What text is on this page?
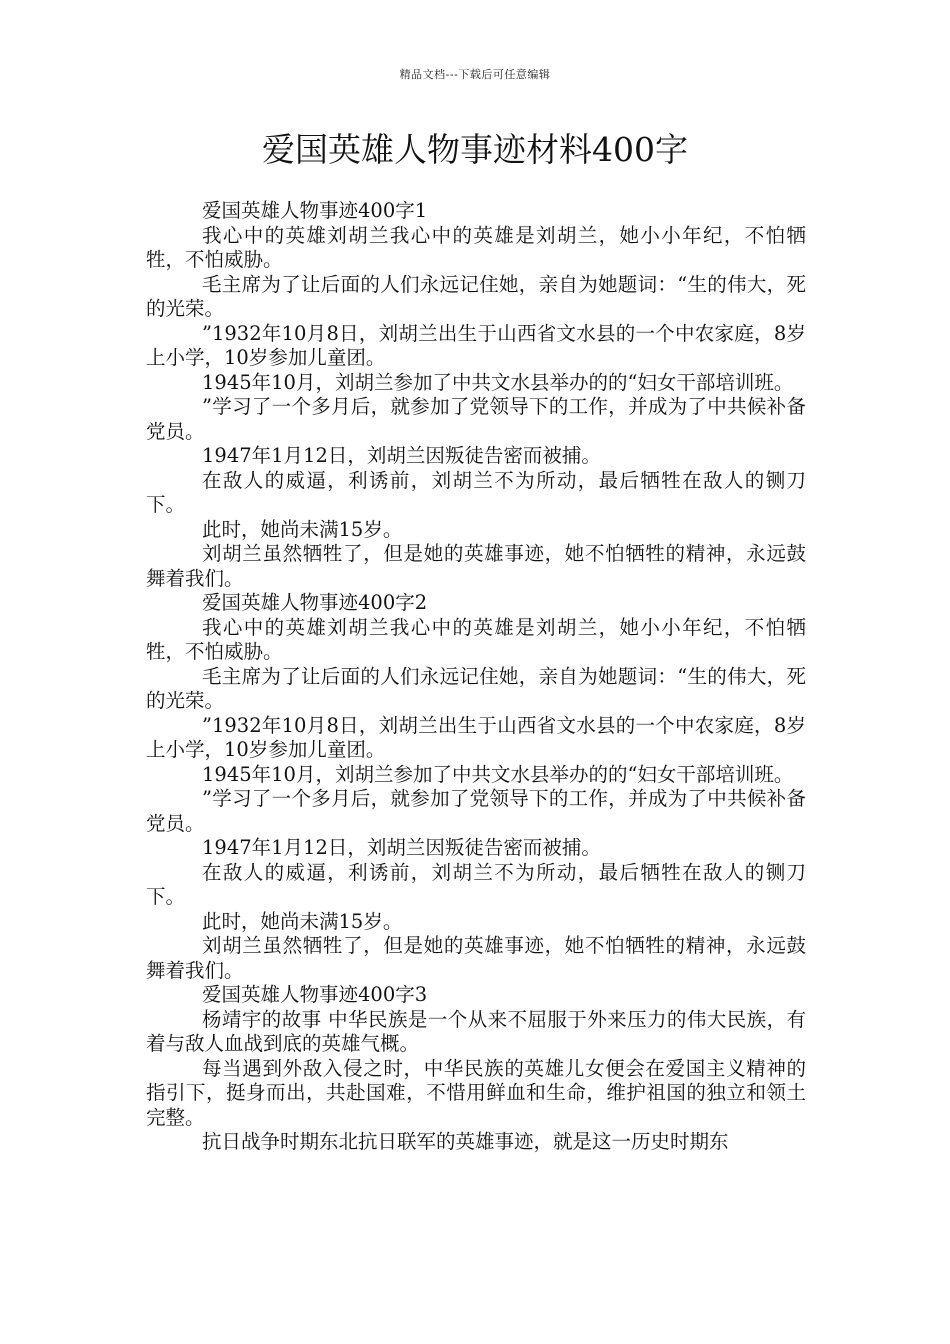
精品文档---下载后可任意编辑
爱国英雄人物事迹材料400字

爱国英雄人物事迹400字1

我心中的英雄刘胡兰我心中的英雄是刘胡兰，她小小年纪，不怕牺牲，不怕威胁。

毛主席为了让后面的人们永远记住她，亲自为她题词：“生的伟大，死的光荣。

”1932年10月8日，刘胡兰出生于山西省文水县的一个中农家庭，8岁上小学，10岁参加儿童团。

1945年10月，刘胡兰参加了中共文水县举办的的“妇女干部培训班。

”学习了一个多月后，就参加了党领导下的工作，并成为了中共候补备党员。

1947年1月12日，刘胡兰因叛徒告密而被捕。

在敌人的威逼，利诱前，刘胡兰不为所动，最后牺牲在敌人的铡刀下。

此时，她尚未满15岁。

刘胡兰虽然牺牲了，但是她的英雄事迹，她不怕牺牲的精神，永远鼓舞着我们。

爱国英雄人物事迹400字2

我心中的英雄刘胡兰我心中的英雄是刘胡兰，她小小年纪，不怕牺牲，不怕威胁。

毛主席为了让后面的人们永远记住她，亲自为她题词：“生的伟大，死的光荣。

”1932年10月8日，刘胡兰出生于山西省文水县的一个中农家庭，8岁上小学，10岁参加儿童团。

1945年10月，刘胡兰参加了中共文水县举办的的“妇女干部培训班。

”学习了一个多月后，就参加了党领导下的工作，并成为了中共候补备党员。

1947年1月12日，刘胡兰因叛徒告密而被捕。

在敌人的威逼，利诱前，刘胡兰不为所动，最后牺牲在敌人的铡刀下。

此时，她尚未满15岁。

刘胡兰虽然牺牲了，但是她的英雄事迹，她不怕牺牲的精神，永远鼓舞着我们。

爱国英雄人物事迹400字3

杨靖宇的故事 中华民族是一个从来不屈服于外来压力的伟大民族，有着与敌人血战到底的英雄气概。

每当遇到外敌入侵之时，中华民族的英雄儿女便会在爱国主义精神的指引下，挺身而出，共赴国难，不惜用鲜血和生命，维护祖国的独立和领土完整。

抗日战争时期东北抗日联军的英雄事迹，就是这一历史时期东
